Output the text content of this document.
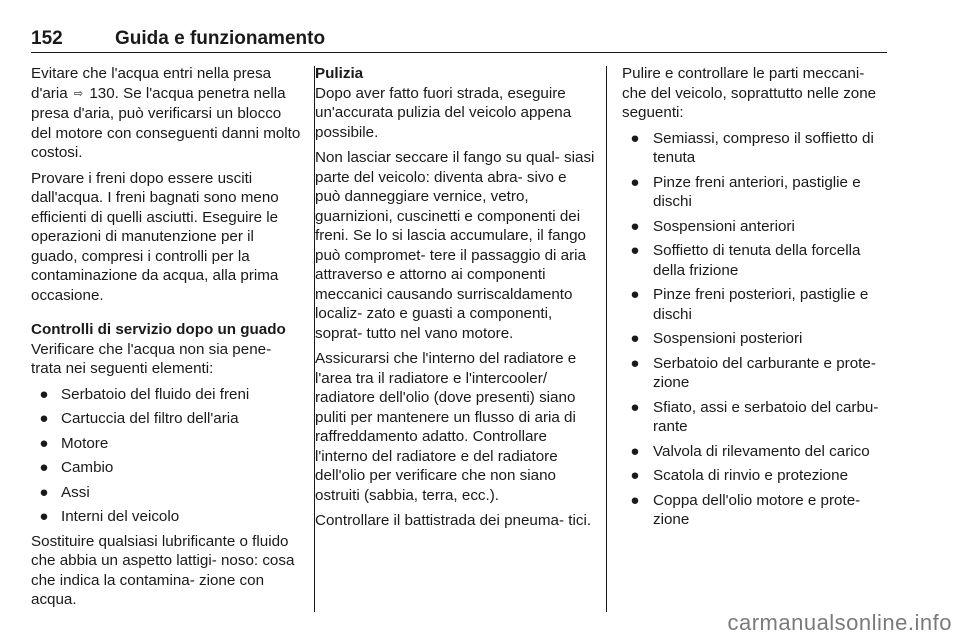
152	Guida e funzionamento

Evitare che l'acqua entri nella presa d'aria ⇨ 130. Se l'acqua penetra nella presa d'aria, può verificarsi un blocco del motore con conseguenti danni molto costosi.

Provare i freni dopo essere usciti dall'acqua. I freni bagnati sono meno efficienti di quelli asciutti. Eseguire le operazioni di manutenzione per il guado, compresi i controlli per la contaminazione da acqua, alla prima occasione.

Controlli di servizio dopo un guado

Verificare che l'acqua non sia pene‐ trata nei seguenti elementi:

● Serbatoio del fluido dei freni
● Cartuccia del filtro dell'aria
● Motore
● Cambio
● Assi
● Interni del veicolo

Sostituire qualsiasi lubrificante o fluido che abbia un aspetto lattigi‐ noso: cosa che indica la contamina‐ zione con acqua.

Pulizia

Dopo aver fatto fuori strada, eseguire un'accurata pulizia del veicolo appena possibile.

Non lasciar seccare il fango su qual‐ siasi parte del veicolo: diventa abra‐ sivo e può danneggiare vernice, vetro, guarnizioni, cuscinetti e componenti dei freni. Se lo si lascia accumulare, il fango può compromet‐ tere il passaggio di aria attraverso e attorno ai componenti meccanici causando surriscaldamento localiz‐ zato e guasti a componenti, soprat‐ tutto nel vano motore.

Assicurarsi che l'interno del radiatore e l'area tra il radiatore e l'intercooler/ radiatore dell'olio (dove presenti) siano puliti per mantenere un flusso di aria di raffreddamento adatto. Controllare l'interno del radiatore e del radiatore dell'olio per verificare che non siano ostruiti (sabbia, terra, ecc.).

Controllare il battistrada dei pneuma‐ tici.

Pulire e controllare le parti meccani‐ che del veicolo, soprattutto nelle zone seguenti:

● Semiassi, compreso il soffietto di tenuta
● Pinze freni anteriori, pastiglie e dischi
● Sospensioni anteriori
● Soffietto di tenuta della forcella della frizione
● Pinze freni posteriori, pastiglie e dischi
● Sospensioni posteriori
● Serbatoio del carburante e prote‐ zione
● Sfiato, assi e serbatoio del carbu‐ rante
● Valvola di rilevamento del carico
● Scatola di rinvio e protezione
● Coppa dell'olio motore e prote‐ zione
carmanualsonline.info
